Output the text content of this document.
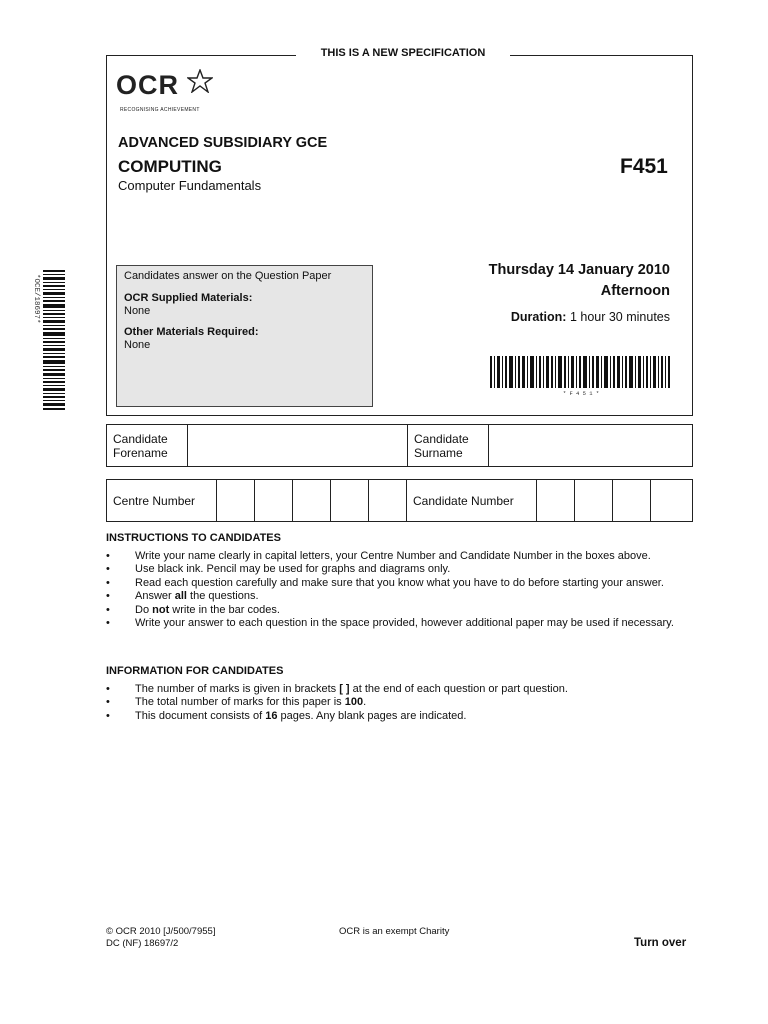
THIS IS A NEW SPECIFICATION
OCR
RECOGNISING ACHIEVEMENT
ADVANCED SUBSIDIARY GCE
COMPUTING	F451
Computer Fundamentals
Candidates answer on the Question Paper
OCR Supplied Materials:
None
Other Materials Required:
None
Thursday 14 January 2010
Afternoon
Duration: 1 hour 30 minutes
* F 4 5 1 *
*OCE/18697*
Candidate
Forename

Candidate
Surname

Centre Number						Candidate Number				
INSTRUCTIONS TO CANDIDATES
• Write your name clearly in capital letters, your Centre Number and Candidate Number in the boxes above.
• Use black ink. Pencil may be used for graphs and diagrams only.
• Read each question carefully and make sure that you know what you have to do before starting your answer.
• Answer all the questions.
• Do not write in the bar codes.
• Write your answer to each question in the space provided, however additional paper may be used if necessary.
INFORMATION FOR CANDIDATES
• The number of marks is given in brackets [ ] at the end of each question or part question.
• The total number of marks for this paper is 100.
• This document consists of 16 pages. Any blank pages are indicated.
© OCR 2010 [J/500/7955]
DC (NF) 18697/2
OCR is an exempt Charity
Turn over
